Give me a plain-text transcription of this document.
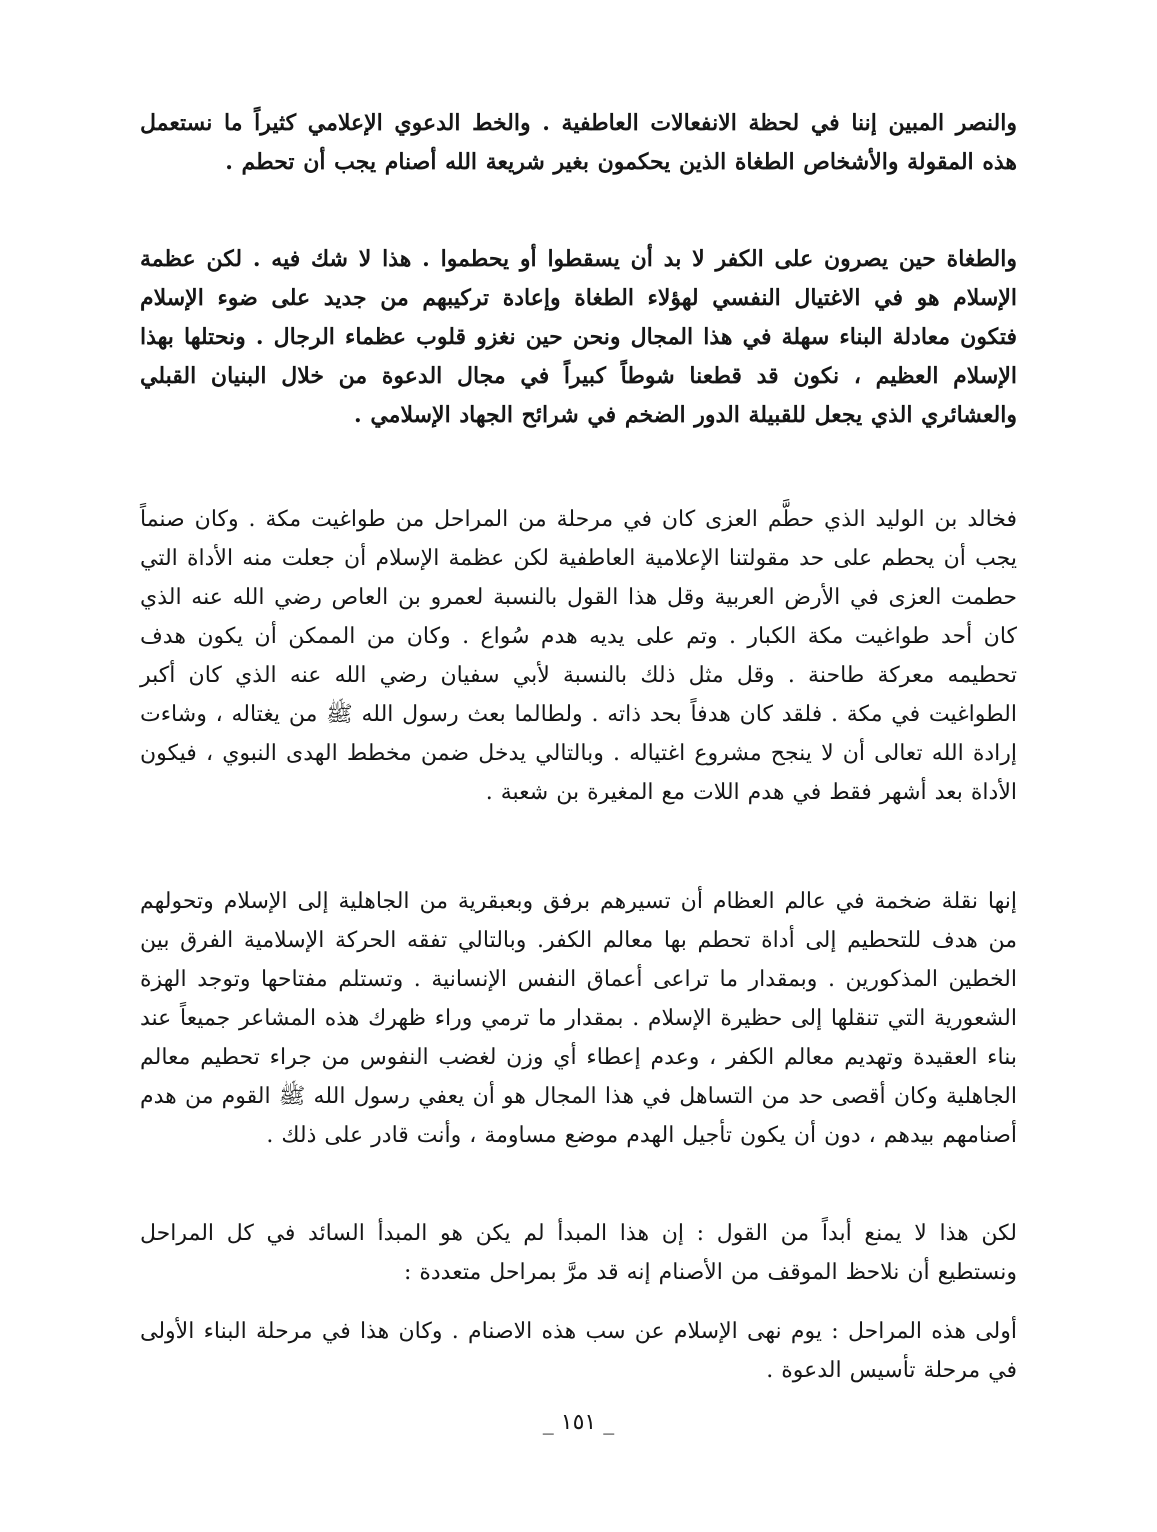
والنصر المبين إننا في لحظة الانفعالات العاطفية . والخط الدعوي الإعلامي كثيراً ما نستعمل هذه المقولة والأشخاص الطغاة الذين يحكمون بغير شريعة الله أصنام يجب أن تحطم .

والطغاة حين يصرون على الكفر لا بد أن يسقطوا أو يحطموا . هذا لا شك فيه . لكن عظمة الإسلام هو في الاغتيال النفسي لهؤلاء الطغاة وإعادة تركيبهم من جديد على ضوء الإسلام فتكون معادلة البناء سهلة في هذا المجال ونحن حين نغزو قلوب عظماء الرجال . ونحتلها بهذا الإسلام العظيم ، نكون قد قطعنا شوطاً كبيراً في مجال الدعوة من خلال البنيان القبلي والعشائري الذي يجعل للقبيلة الدور الضخم في شرائح الجهاد الإسلامي .

فخالد بن الوليد الذي حطَّم العزى كان في مرحلة من المراحل من طواغيت مكة . وكان صنماً يجب أن يحطم على حد مقولتنا الإعلامية العاطفية لكن عظمة الإسلام أن جعلت منه الأداة التي حطمت العزى في الأرض العربية وقل هذا القول بالنسبة لعمرو بن العاص رضي الله عنه الذي كان أحد طواغيت مكة الكبار . وتم على يديه هدم سُواع . وكان من الممكن أن يكون هدف تحطيمه معركة طاحنة . وقل مثل ذلك بالنسبة لأبي سفيان رضي الله عنه الذي كان أكبر الطواغيت في مكة . فلقد كان هدفاً بحد ذاته . ولطالما بعث رسول الله ﷺ من يغتاله ، وشاءت إرادة الله تعالى أن لا ينجح مشروع اغتياله . وبالتالي يدخل ضمن مخطط الهدى النبوي ، فيكون الأداة بعد أشهر فقط في هدم اللات مع المغيرة بن شعبة .

إنها نقلة ضخمة في عالم العظام أن تسيرهم برفق وبعبقرية من الجاهلية إلى الإسلام وتحولهم من هدف للتحطيم إلى أداة تحطم بها معالم الكفر. وبالتالي تفقه الحركة الإسلامية الفرق بين الخطين المذكورين . وبمقدار ما تراعى أعماق النفس الإنسانية . وتستلم مفتاحها وتوجد الهزة الشعورية التي تنقلها إلى حظيرة الإسلام . بمقدار ما ترمي وراء ظهرك هذه المشاعر جميعاً عند بناء العقيدة وتهديم معالم الكفر ، وعدم إعطاء أي وزن لغضب النفوس من جراء تحطيم معالم الجاهلية وكان أقصى حد من التساهل في هذا المجال هو أن يعفي رسول الله ﷺ القوم من هدم أصنامهم بيدهم ، دون أن يكون تأجيل الهدم موضع مساومة ، وأنت قادر على ذلك .

لكن هذا لا يمنع أبداً من القول : إن هذا المبدأ لم يكن هو المبدأ السائد في كل المراحل ونستطيع أن نلاحظ الموقف من الأصنام إنه قد مرَّ بمراحل متعددة :

أولى هذه المراحل : يوم نهى الإسلام عن سب هذه الاصنام . وكان هذا في مرحلة البناء الأولى في مرحلة تأسيس الدعوة .

_ ١٥١ _
